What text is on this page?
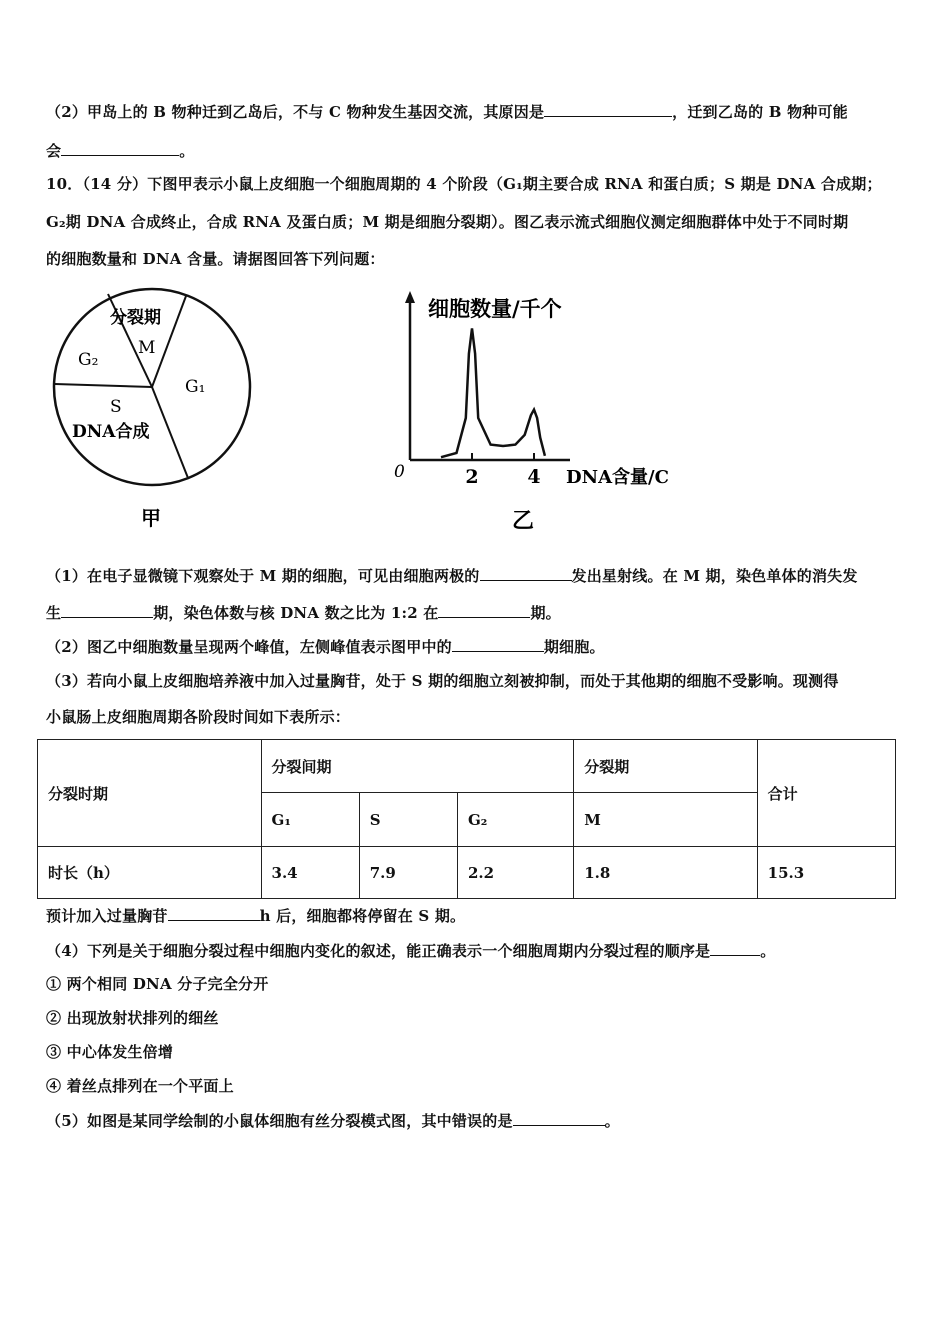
（2）甲岛上的 B 物种迁到乙岛后，不与 C 物种发生基因交流，其原因是	，迁到乙岛的 B 物种可能
会	。
10．（14 分）下图甲表示小鼠上皮细胞一个细胞周期的 4 个阶段（G₁期主要合成 RNA 和蛋白质；S 期是 DNA 合成期；
G₂期 DNA 合成终止，合成 RNA 及蛋白质；M 期是细胞分裂期）。图乙表示流式细胞仪测定细胞群体中处于不同时期
的细胞数量和 DNA 含量。请据图回答下列问题：
分裂期
M
G₂
G₁
S
DNA合成
甲
细胞数量/千个
0	2	4 DNA含量/C
乙
（1）在电子显微镜下观察处于 M 期的细胞，可见由细胞两极的	发出星射线。在 M 期，染色单体的消失发
生	期，染色体数与核 DNA 数之比为 1:2 在	期。
（2）图乙中细胞数量呈现两个峰值，左侧峰值表示图甲中的	期细胞。
（3）若向小鼠上皮细胞培养液中加入过量胸苷，处于 S 期的细胞立刻被抑制，而处于其他期的细胞不受影响。现测得
小鼠肠上皮细胞周期各阶段时间如下表所示：
分裂时期	分裂间期			分裂期	合计
	G₁	S	G₂	M	
时长（h）	3.4	7.9	2.2	1.8	15.3
预计加入过量胸苷	h 后，细胞都将停留在 S 期。
（4）下列是关于细胞分裂过程中细胞内变化的叙述，能正确表示一个细胞周期内分裂过程的顺序是	。
① 两个相同 DNA 分子完全分开
② 出现放射状排列的细丝
③ 中心体发生倍增
④ 着丝点排列在一个平面上
（5）如图是某同学绘制的小鼠体细胞有丝分裂模式图，其中错误的是	。
